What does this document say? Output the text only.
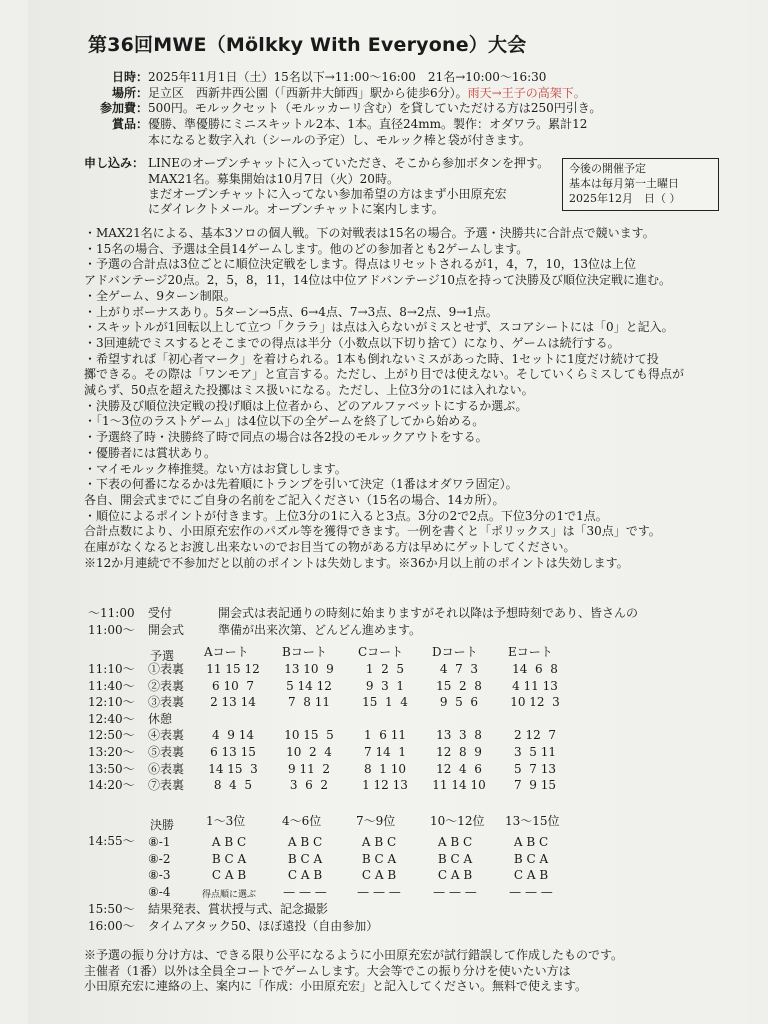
第36回MWE（Mölkky With Everyone）大会
日時：2025年11月1日（土）15名以下→11:00〜16:00　21名→10:00〜16:30
場所：足立区　西新井西公園（「西新井大師西」駅から徒歩6分）。雨天→王子の高架下。
参加費：500円。モルックセット（モルッカーリ含む）を貸していただける方は250円引き。
賞品：優勝、準優勝にミニスキットル2本、1本。直径24mm。製作：オダワラ。累計12
本になると数字入れ（シールの予定）し、モルック棒と袋が付きます。
申し込み： LINEのオープンチャットに入っていただき、そこから参加ボタンを押す。
MAX21名。募集開始は10月7日（火）20時。
まだオープンチャットに入ってない参加希望の方はまず小田原充宏
にダイレクトメール。オープンチャットに案内します。
今後の開催予定
基本は毎月第一土曜日
2025年12月　日（ ）
・MAX21名による、基本3ソロの個人戦。下の対戦表は15名の場合。予選・決勝共に合計点で競います。
・15名の場合、予選は全員14ゲームします。他のどの参加者とも2ゲームします。
・予選の合計点は3位ごとに順位決定戦をします。得点はリセットされるが1，4，7，10，13位は上位
アドバンテージ20点。2，5，8，11，14位は中位アドバンテージ10点を持って決勝及び順位決定戦に進む。
・全ゲーム、9ターン制限。
・上がりボーナスあり。5ターン→5点、6→4点、7→3点、8→2点、9→1点。
・スキットルが1回転以上して立つ「クララ」は点は入らないがミスとせず、スコアシートには「0」と記入。
・3回連続でミスするとそこまでの得点は半分（小数点以下切り捨て）になり、ゲームは続行する。
・希望すれば「初心者マーク」を着けられる。1本も倒れないミスがあった時、1セットに1度だけ続けて投
擲できる。その際は「ワンモア」と宣言する。ただし、上がり目では使えない。そしていくらミスしても得点が
減らず、50点を超えた投擲はミス扱いになる。ただし、上位3分の1には入れない。
・決勝及び順位決定戦の投げ順は上位者から、どのアルファベットにするか選ぶ。
・「1〜3位のラストゲーム」は4位以下の全ゲームを終了してから始める。
・予選終了時・決勝終了時で同点の場合は各2投のモルックアウトをする。
・優勝者には賞状あり。
・マイモルック棒推奨。ない方はお貸しします。
・下表の何番になるかは先着順にトランプを引いて決定（1番はオダワラ固定）。
各自、開会式までにご自身の名前をご記入ください（15名の場合、14カ所）。
・順位によるポイントが付きます。上位3分の1に入ると3点。3分の2で2点。下位3分の1で1点。
合計点数により、小田原充宏作のパズル等を獲得できます。一例を書くと「ポリックス」は「30点」です。
在庫がなくなるとお渡し出来ないのでお目当ての物がある方は早めにゲットしてください。
※12か月連続で不参加だと以前のポイントは失効します。※36か月以上前のポイントは失効します。
〜11:00 受付
11:00〜 開会式
開会式は表記通りの時刻に始まりますがそれ以降は予想時刻であり、皆さんの
準備が出来次第、どんどん進めます。
予選 Aコート	Bコート	Cコート Dコート	Eコート
11:10〜 ①表裏	11 15 12	13 10  9	1  2  5	4  7  3	14  6  8
11:40〜 ②表裏	6 10  7	5 14 12	9  3  1	15  2  8	4 11 13
12:10〜 ③表裏	2 13 14	7  8 11	15  1  4	9  5  6	10 12  3
12:40〜 休憩
12:50〜 ④表裏	4  9 14	10 15  5	1  6 11	13  3  8	2 12  7
13:20〜 ⑤表裏	6 13 15	10  2  4	7 14  1	12  8  9	3  5 11
13:50〜 ⑥表裏	14 15  3	9 11  2	8  1 10	12  4  6	5  7 13
14:20〜 ⑦表裏	8  4  5	3  6  2	1 12 13	11 14 10	7  9 15
決勝	1〜3位	4〜6位	7〜9位	10〜12位 13〜15位
14:55〜 ⑧-1	A B C	A B C	A B C	A B C	A B C
⑧-2	B C A	B C A	B C A	B C A	B C A
⑧-3	C A B	C A B	C A B	C A B	C A B
⑧-4	得点順に選ぶ	— — —	— — —	— — —	— — —
15:50〜 結果発表、賞状授与式、記念撮影
16:00〜 タイムアタック50、ほぼ遠投（自由参加）
※予選の振り分け方は、できる限り公平になるように小田原充宏が試行錯誤して作成したものです。
主催者（1番）以外は全員全コートでゲームします。大会等でこの振り分けを使いたい方は
小田原充宏に連絡の上、案内に「作成：小田原充宏」と記入してください。無料で使えます。
